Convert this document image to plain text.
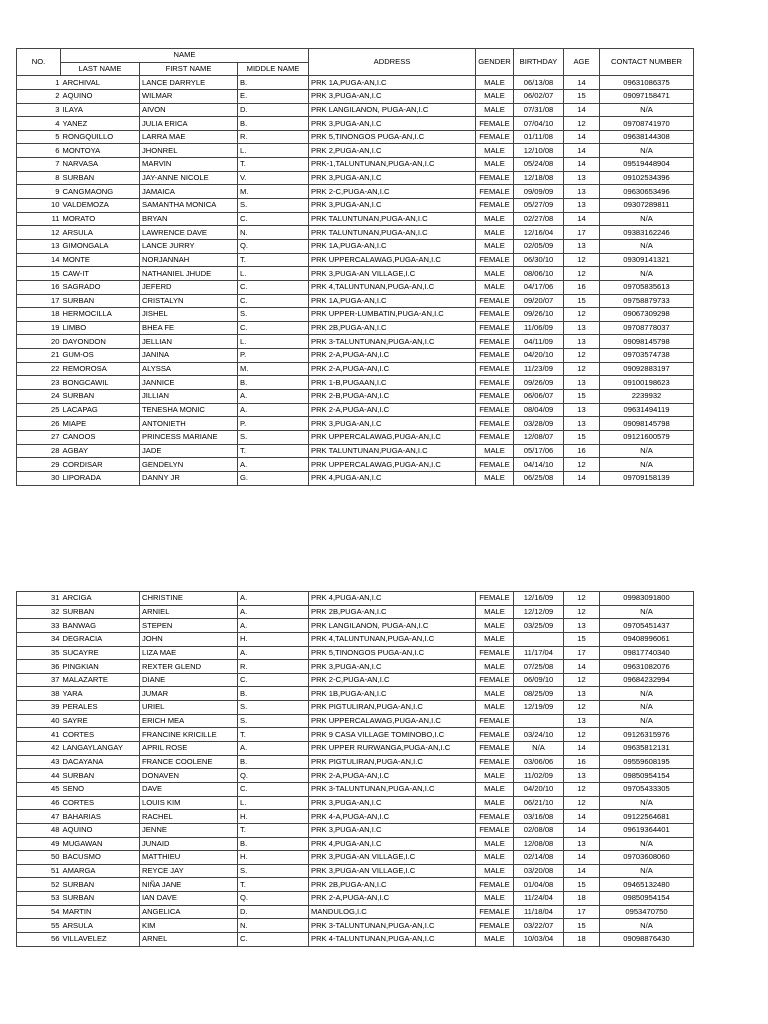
NO.	NAME			ADDRESS	GENDER	BIRTHDAY	AGE	CONTACT NUMBER
	LAST NAME	FIRST NAME	MIDDLE NAME					
1	ARCHIVAL	LANCE DARRYLE	B.	PRK 1A,PUGA-AN,I.C	MALE	06/13/08	14	09631086375
2	AQUINO	WILMAR	E.	PRK 3,PUGA-AN,I.C	MALE	06/02/07	15	09097158471
3	ILAYA	AIVON	D.	PRK LANGILANON, PUGA-AN,I.C	MALE	07/31/08	14	N/A
4	YANEZ	JULIA ERICA	B.	PRK 3,PUGA-AN,I.C	FEMALE	07/04/10	12	09708741970
5	RONGQUILLO	LARRA MAE	R.	PRK 5,TINONGOS PUGA-AN,I.C	FEMALE	01/11/08	14	09638144308
6	MONTOYA	JHONREL	L.	PRK 2,PUGA-AN,I.C	MALE	12/10/08	14	N/A
7	NARVASA	MARVIN	T.	PRK-1,TALUNTUNAN,PUGA-AN,I.C	MALE	05/24/08	14	09519448904
8	SURBAN	JAY-ANNE NICOLE	V.	PRK 3,PUGA-AN,I.C	FEMALE	12/18/08	13	09102534396
9	CANGMAONG	JAMAICA	M.	PRK 2-C,PUGA-AN,I.C	FEMALE	09/09/09	13	09630653496
10	VALDEMOZA	SAMANTHA MONICA	S.	PRK 3,PUGA-AN,I.C	FEMALE	05/27/09	13	09307289811
11	MORATO	BRYAN	C.	PRK TALUNTUNAN,PUGA-AN,I.C	MALE	02/27/08	14	N/A
12	ARSULA	LAWRENCE DAVE	N.	PRK TALUNTUNAN,PUGA-AN,I.C	MALE	12/16/04	17	09383162246
13	GIMONGALA	LANCE JURRY	Q.	PRK 1A,PUGA-AN,I.C	MALE	02/05/09	13	N/A
14	MONTE	NORJANNAH	T.	PRK UPPERCALAWAG,PUGA-AN,I.C	FEMALE	06/30/10	12	09309141321
15	CAW-IT	NATHANIEL JHUDE	L.	PRK 3,PUGA-AN VILLAGE,I.C	MALE	08/06/10	12	N/A
16	SAGRADO	JEFERD	C.	PRK 4,TALUNTUNAN,PUGA-AN,I.C	MALE	04/17/06	16	09705835613
17	SURBAN	CRISTALYN	C.	PRK 1A,PUGA-AN,I.C	FEMALE	09/20/07	15	09758879733
18	HERMOCILLA	JISHEL	S.	PRK UPPER-LUMBATIN,PUGA-AN,I.C	FEMALE	09/26/10	12	09067309298
19	LIMBO	BHEA FE	C.	PRK 2B,PUGA-AN,I.C	FEMALE	11/06/09	13	09708778037
20	DAYONDON	JELLIAN	L.	PRK 3-TALUNTUNAN,PUGA-AN,I.C	FEMALE	04/11/09	13	09098145798
21	GUM-OS	JANINA	P.	PRK 2-A,PUGA-AN,I.C	FEMALE	04/20/10	12	09703574738
22	REMOROSA	ALYSSA	M.	PRK 2-A,PUGA-AN,I.C	FEMALE	11/23/09	12	09092883197
23	BONGCAWIL	JANNICE	B.	PRK 1-B,PUGAAN,I.C	FEMALE	09/26/09	13	09100198623
24	SURBAN	JILLIAN	A.	PRK 2-B,PUGA-AN,I.C	FEMALE	06/06/07	15	2239932
25	LACAPAG	TENESHA MONIC	A.	PRK 2-A,PUGA-AN,I.C	FEMALE	08/04/09	13	09631494119
26	MIAPE	ANTONIETH	P.	PRK 3,PUGA-AN,I.C	FEMALE	03/28/09	13	09098145798
27	CANOOS	PRINCESS MARIANE	S.	PRK UPPERCALAWAG,PUGA-AN,I.C	FEMALE	12/08/07	15	09121600579
28	AGBAY	JADE	T.	PRK TALUNTUNAN,PUGA-AN,I.C	MALE	05/17/06	16	N/A
29	CORDISAR	GENDELYN	A.	PRK UPPERCALAWAG,PUGA-AN,I.C	FEMALE	04/14/10	12	N/A
30	LIPORADA	DANNY JR	G.	PRK 4,PUGA-AN,I.C	MALE	06/25/08	14	09709158139
31	ARCIGA	CHRISTINE	A.	PRK 4,PUGA-AN,I.C	FEMALE	12/16/09	12	09983091800
32	SURBAN	ARNIEL	A.	PRK 2B,PUGA-AN,I.C	MALE	12/12/09	12	N/A
33	BANWAG	STEPEN	A.	PRK LANGILANON, PUGA-AN,I.C	MALE	03/25/09	13	09705451437
34	DEGRACIA	JOHN	H.	PRK 4,TALUNTUNAN,PUGA-AN,I.C	MALE		15	09408996061
35	SUCAYRE	LIZA MAE	A.	PRK 5,TINONGOS PUGA-AN,I.C	FEMALE	11/17/04	17	09817740340
36	PINGKIAN	REXTER GLEND	R.	PRK 3,PUGA-AN,I.C	MALE	07/25/08	14	09631082076
37	MALAZARTE	DIANE	C.	PRK 2-C,PUGA-AN,I.C	FEMALE	06/09/10	12	09684232994
38	YARA	JUMAR	B.	PRK 1B,PUGA-AN,I.C	MALE	08/25/09	13	N/A
39	PERALES	URIEL	S.	PRK PIGTULIRAN,PUGA-AN,I.C	MALE	12/19/09	12	N/A
40	SAYRE	ERICH MEA	S.	PRK UPPERCALAWAG,PUGA-AN,I.C	FEMALE		13	N/A
41	CORTES	FRANCINE KRICILLE	T.	PRK 9 CASA VILLAGE TOMINOBO,I.C	FEMALE	03/24/10	12	09126315976
42	LANGAYLANGAY	APRIL ROSE	A.	PRK UPPER RURWANGA,PUGA-AN,I.C	FEMALE	N/A	14	09635812131
43	DACAYANA	FRANCE COOLENE	B.	PRK PIGTULIRAN,PUGA-AN,I.C	FEMALE	03/06/06	16	09559608195
44	SURBAN	DONAVEN	Q.	PRK 2-A,PUGA-AN,I.C	MALE	11/02/09	13	09850954154
45	SENO	DAVE	C.	PRK 3-TALUNTUNAN,PUGA-AN,I.C	MALE	04/20/10	12	09705433305
46	CORTES	LOUIS KIM	L.	PRK 3,PUGA-AN,I.C	MALE	06/21/10	12	N/A
47	BAHARIAS	RACHEL	H.	PRK 4-A,PUGA-AN,I.C	FEMALE	03/16/08	14	09122564681
48	AQUINO	JENNE	T.	PRK 3,PUGA-AN,I.C	FEMALE	02/08/08	14	09619364401
49	MUGAWAN	JUNAID	B.	PRK 4,PUGA-AN,I.C	MALE	12/08/08	13	N/A
50	BACUSMO	MATTHIEU	H.	PRK 3,PUGA-AN VILLAGE,I.C	MALE	02/14/08	14	09703608060
51	AMARGA	REYCE JAY	S.	PRK 3,PUGA-AN VILLAGE,I.C	MALE	03/20/08	14	N/A
52	SURBAN	NIÑA JANE	T.	PRK 2B,PUGA-AN,I.C	FEMALE	01/04/08	15	09465132480
53	SURBAN	IAN DAVE	Q.	PRK 2-A,PUGA-AN,I.C	MALE	11/24/04	18	09850954154
54	MARTIN	ANGELICA	D.	MANDULOG,I.C	FEMALE	11/18/04	17	0953470750
55	ARSULA	KIM	N.	PRK 3-TALUNTUNAN,PUGA-AN,I.C	FEMALE	03/22/07	15	N/A
56	VILLAVELEZ	ARNEL	C.	PRK 4-TALUNTUNAN,PUGA-AN,I.C	MALE	10/03/04	18	09098876430
